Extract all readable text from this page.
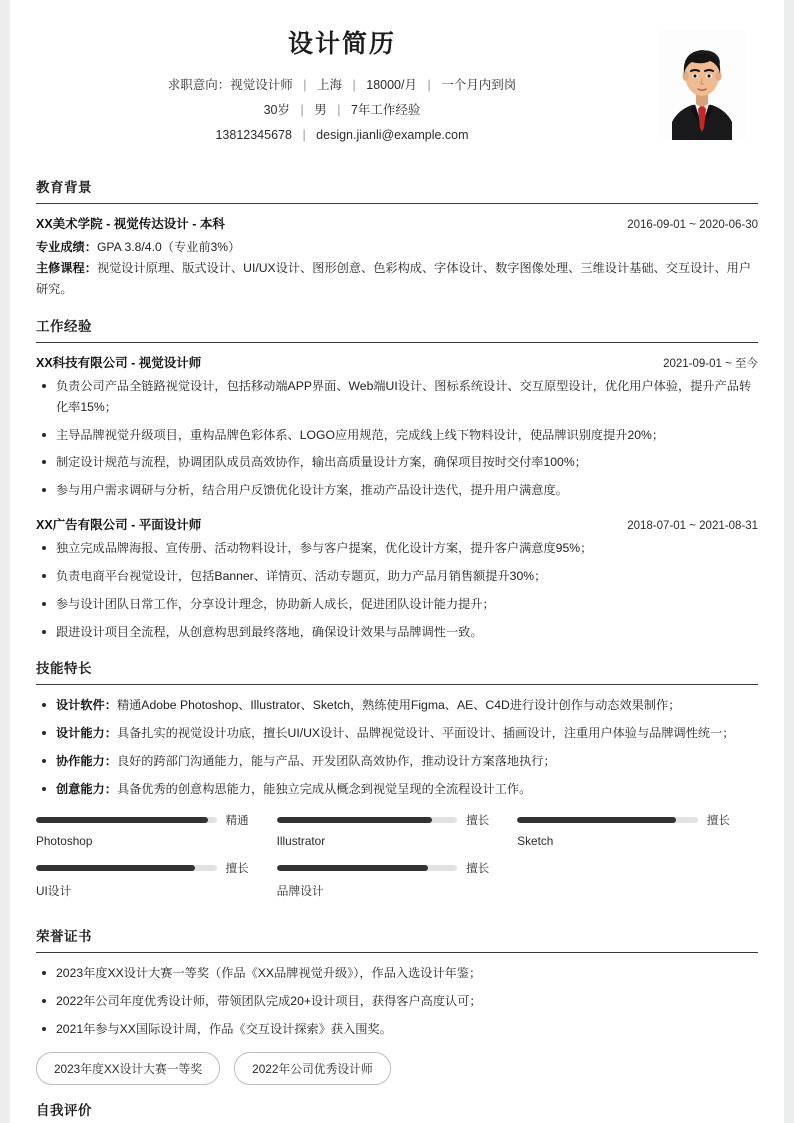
设计简历
求职意向：视觉设计师 | 上海 | 18000/月 | 一个月内到岗
30岁 | 男 | 7年工作经验
13812345678 | design.jianli@example.com
教育背景
XX美术学院 - 视觉传达设计 - 本科	2016-09-01 ~ 2020-06-30
专业成绩：GPA 3.8/4.0（专业前3%）
主修课程：视觉设计原理、版式设计、UI/UX设计、图形创意、色彩构成、字体设计、数字图像处理、三维设计基础、交互设计、用户研究。
工作经验
XX科技有限公司 - 视觉设计师	2021-09-01 ~ 至今
负责公司产品全链路视觉设计，包括移动端APP界面、Web端UI设计、图标系统设计、交互原型设计，优化用户体验，提升产品转化率15%；
主导品牌视觉升级项目，重构品牌色彩体系、LOGO应用规范，完成线上线下物料设计，使品牌识别度提升20%；
制定设计规范与流程，协调团队成员高效协作，输出高质量设计方案，确保项目按时交付率100%；
参与用户需求调研与分析，结合用户反馈优化设计方案，推动产品设计迭代，提升用户满意度。
XX广告有限公司 - 平面设计师	2018-07-01 ~ 2021-08-31
独立完成品牌海报、宣传册、活动物料设计，参与客户提案，优化设计方案，提升客户满意度95%；
负责电商平台视觉设计，包括Banner、详情页、活动专题页，助力产品月销售额提升30%；
参与设计团队日常工作，分享设计理念，协助新人成长，促进团队设计能力提升；
跟进设计项目全流程，从创意构思到最终落地，确保设计效果与品牌调性一致。
技能特长
设计软件：精通Adobe Photoshop、Illustrator、Sketch，熟练使用Figma、AE、C4D进行设计创作与动态效果制作；
设计能力：具备扎实的视觉设计功底，擅长UI/UX设计、品牌视觉设计、平面设计、插画设计，注重用户体验与品牌调性统一；
协作能力：良好的跨部门沟通能力，能与产品、开发团队高效协作，推动设计方案落地执行；
创意能力：具备优秀的创意构思能力，能独立完成从概念到视觉呈现的全流程设计工作。
精通
Photoshop
擅长
Illustrator
擅长
Sketch
擅长
UI设计
擅长
品牌设计
荣誉证书
2023年度XX设计大赛一等奖（作品《XX品牌视觉升级》），作品入选设计年鉴；
2022年公司年度优秀设计师，带领团队完成20+设计项目，获得客户高度认可；
2021年参与XX国际设计周，作品《交互设计探索》获入围奖。
2023年度XX设计大赛一等奖	2022年公司优秀设计师
自我评价
